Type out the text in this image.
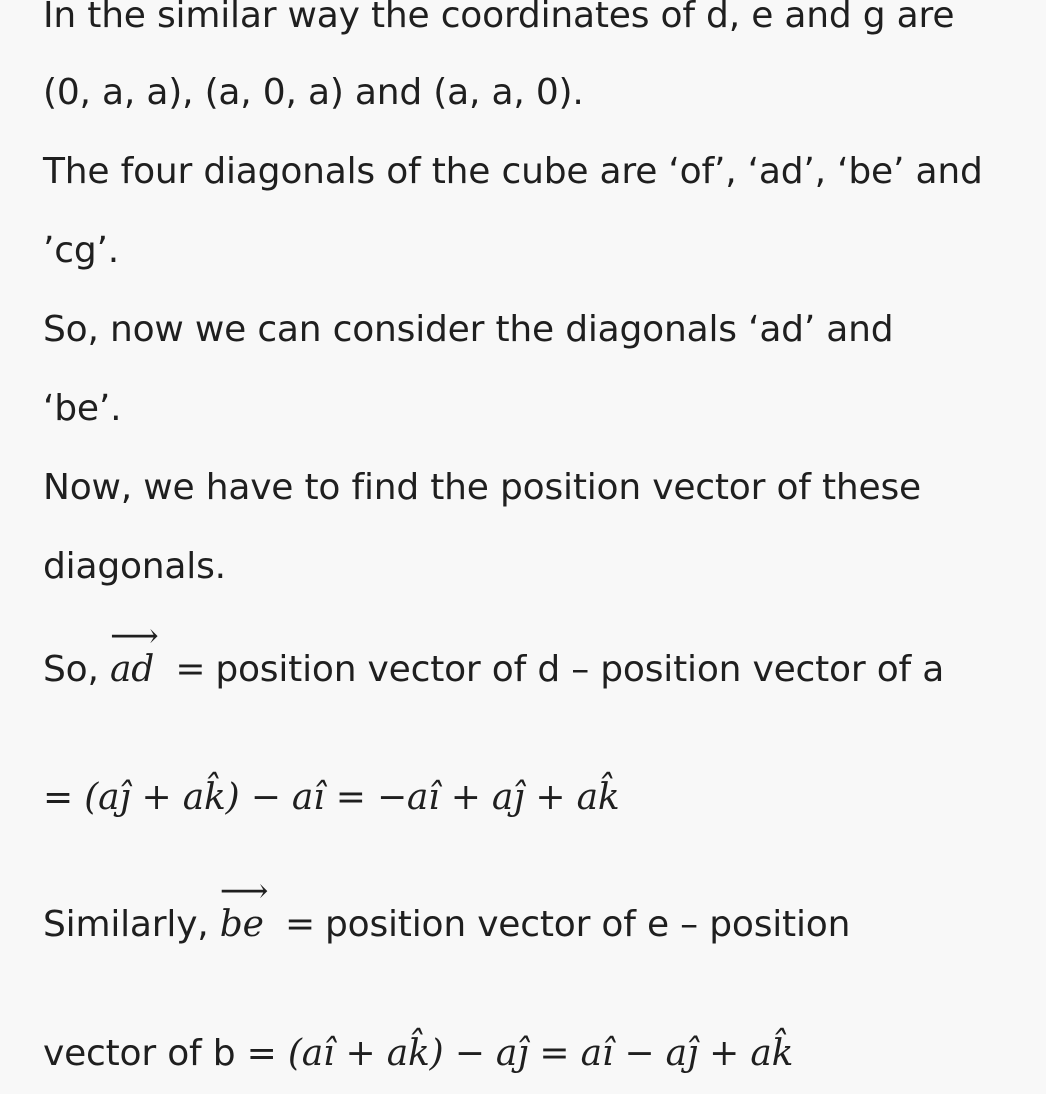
In the similar way the coordinates of d, e and g are
(0, a, a), (a, 0, a) and (a, a, 0).
The four diagonals of the cube are ‘of’, ‘ad’, ‘be’ and
’cg’.
So, now we can consider the diagonals ‘ad’ and
‘be’.
Now, we have to find the position vector of these
diagonals.
So, ⟶ ad = position vector of d – position vector of a
= (aĵ + ak̂) − aî = −aî + aĵ + ak̂
Similarly, ⟶ be = position vector of e – position
vector of b = (aî + ak̂) − aĵ = aî − aĵ + ak̂
